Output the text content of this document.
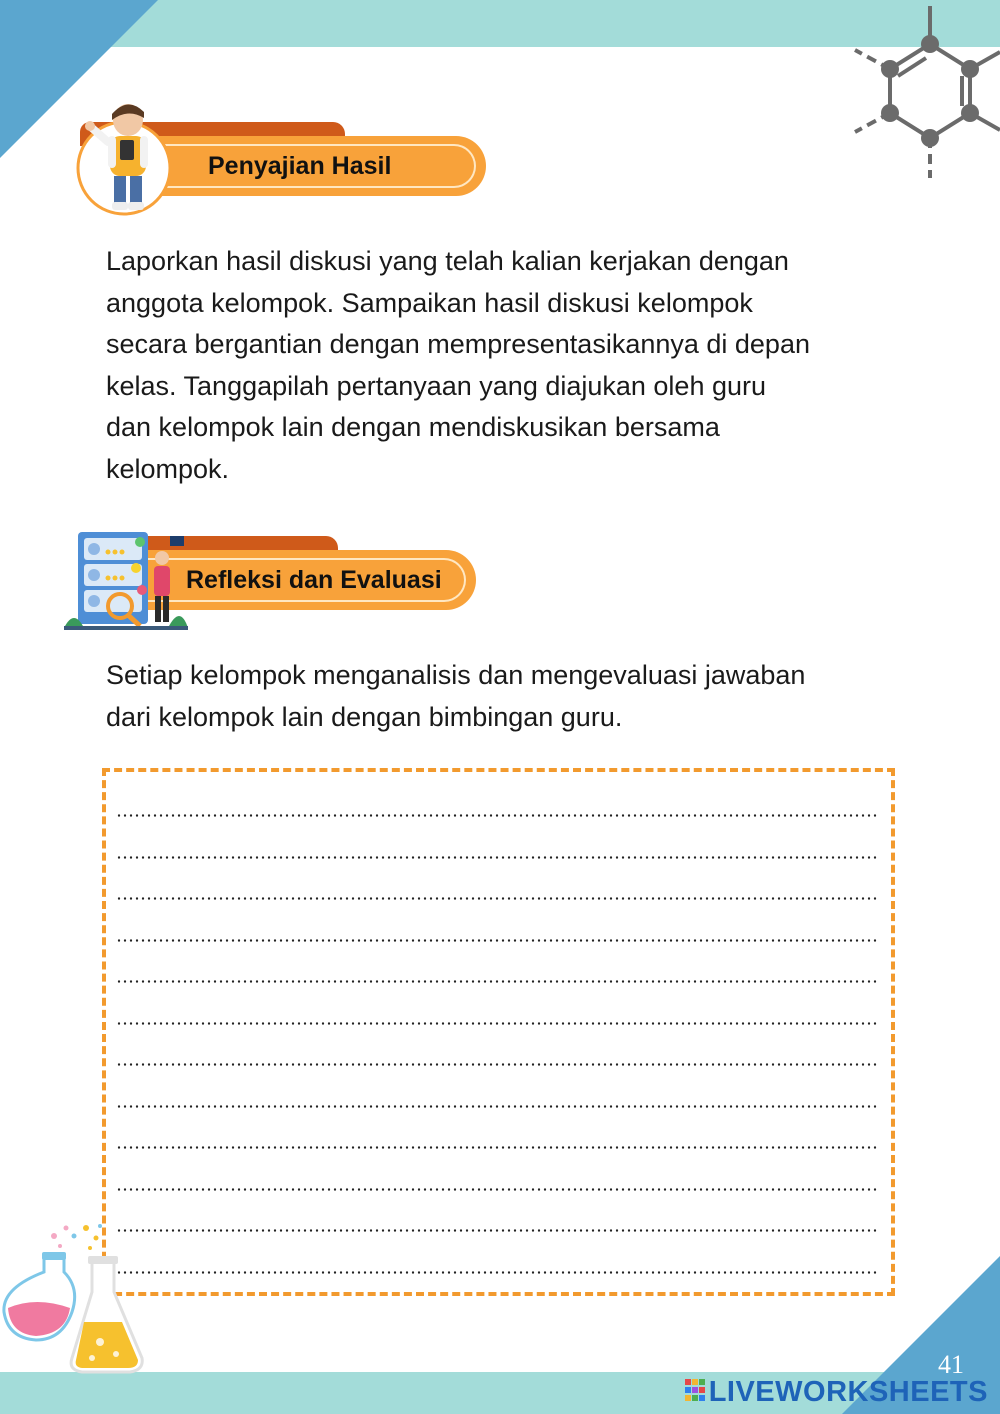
Penyajian Hasil
Laporkan hasil diskusi yang telah kalian kerjakan dengan
anggota kelompok. Sampaikan hasil diskusi kelompok
secara bergantian dengan mempresentasikannya di depan
kelas. Tanggapilah pertanyaan yang diajukan oleh guru
dan kelompok lain dengan mendiskusikan bersama
kelompok.
Refleksi dan Evaluasi
Setiap kelompok menganalisis dan mengevaluasi jawaban
dari kelompok lain dengan bimbingan guru.
41
LIVEWORKSHEETS
